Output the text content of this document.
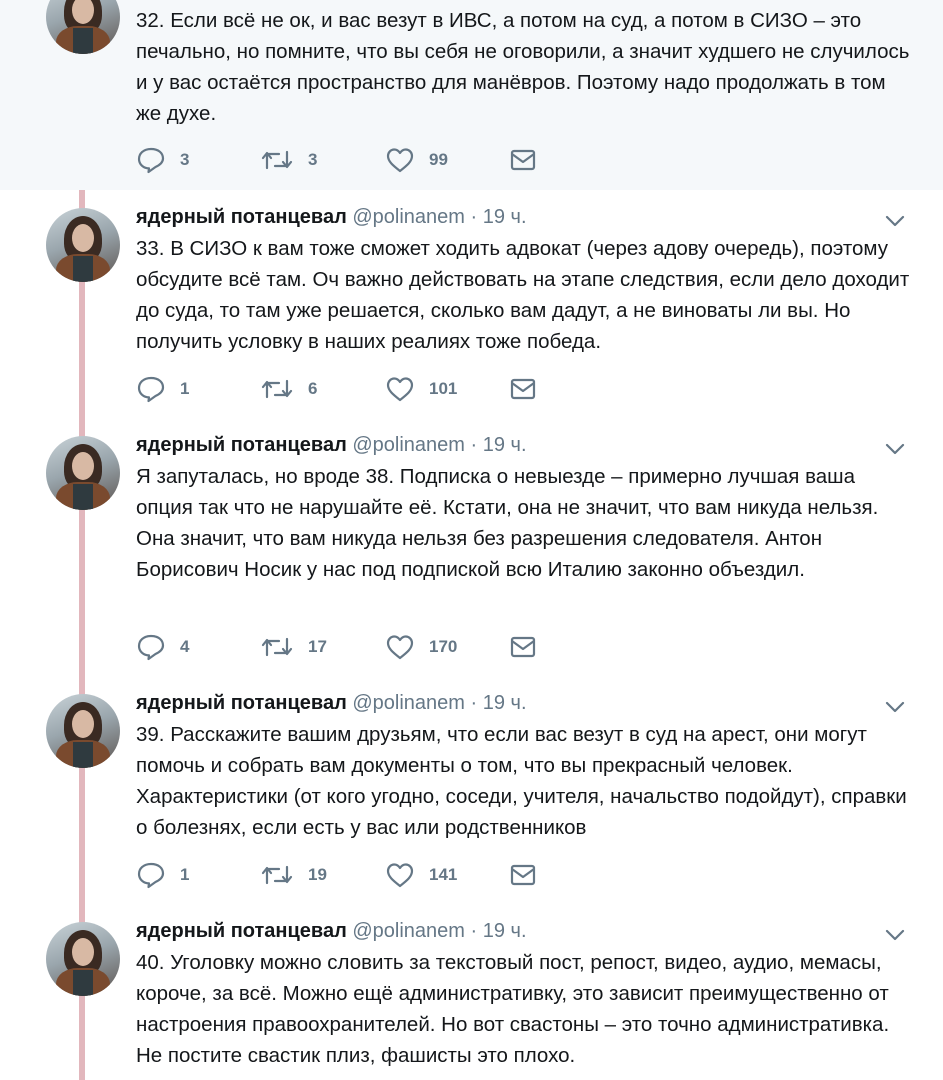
32. Если всё не ок, и вас везут в ИВС, а потом на суд, а потом в СИЗО – это печально, но помните, что вы себя не оговорили, а значит худшего не случилось и у вас остаётся пространство для манёвров. Поэтому надо продолжать в том же духе.

3	3	99
ядерный потанцевал @polinanem · 19 ч.

33. В СИЗО к вам тоже сможет ходить адвокат (через адову очередь), поэтому обсудите всё там. Оч важно действовать на этапе следствия, если дело доходит до суда, то там уже решается, сколько вам дадут, а не виноваты ли вы. Но получить условку в наших реалиях тоже победа.

1	6	101
ядерный потанцевал @polinanem · 19 ч.

Я запуталась, но вроде 38. Подписка о невыезде – примерно лучшая ваша опция так что не нарушайте её. Кстати, она не значит, что вам никуда нельзя. Она значит, что вам никуда нельзя без разрешения следователя. Антон Борисович Носик у нас под подпиской всю Италию законно объездил.

4	17	170
ядерный потанцевал @polinanem · 19 ч.

39. Расскажите вашим друзьям, что если вас везут в суд на арест, они могут помочь и собрать вам документы о том, что вы прекрасный человек. Характеристики (от кого угодно, соседи, учителя, начальство подойдут), справки о болезнях, если есть у вас или родственников

1	19	141
ядерный потанцевал @polinanem · 19 ч.

40. Уголовку можно словить за текстовый пост, репост, видео, аудио, мемасы, короче, за всё. Можно ещё административку, это зависит преимущественно от настроения правоохранителей. Но вот свастоны – это точно административка. Не постите свастик плиз, фашисты это плохо.
